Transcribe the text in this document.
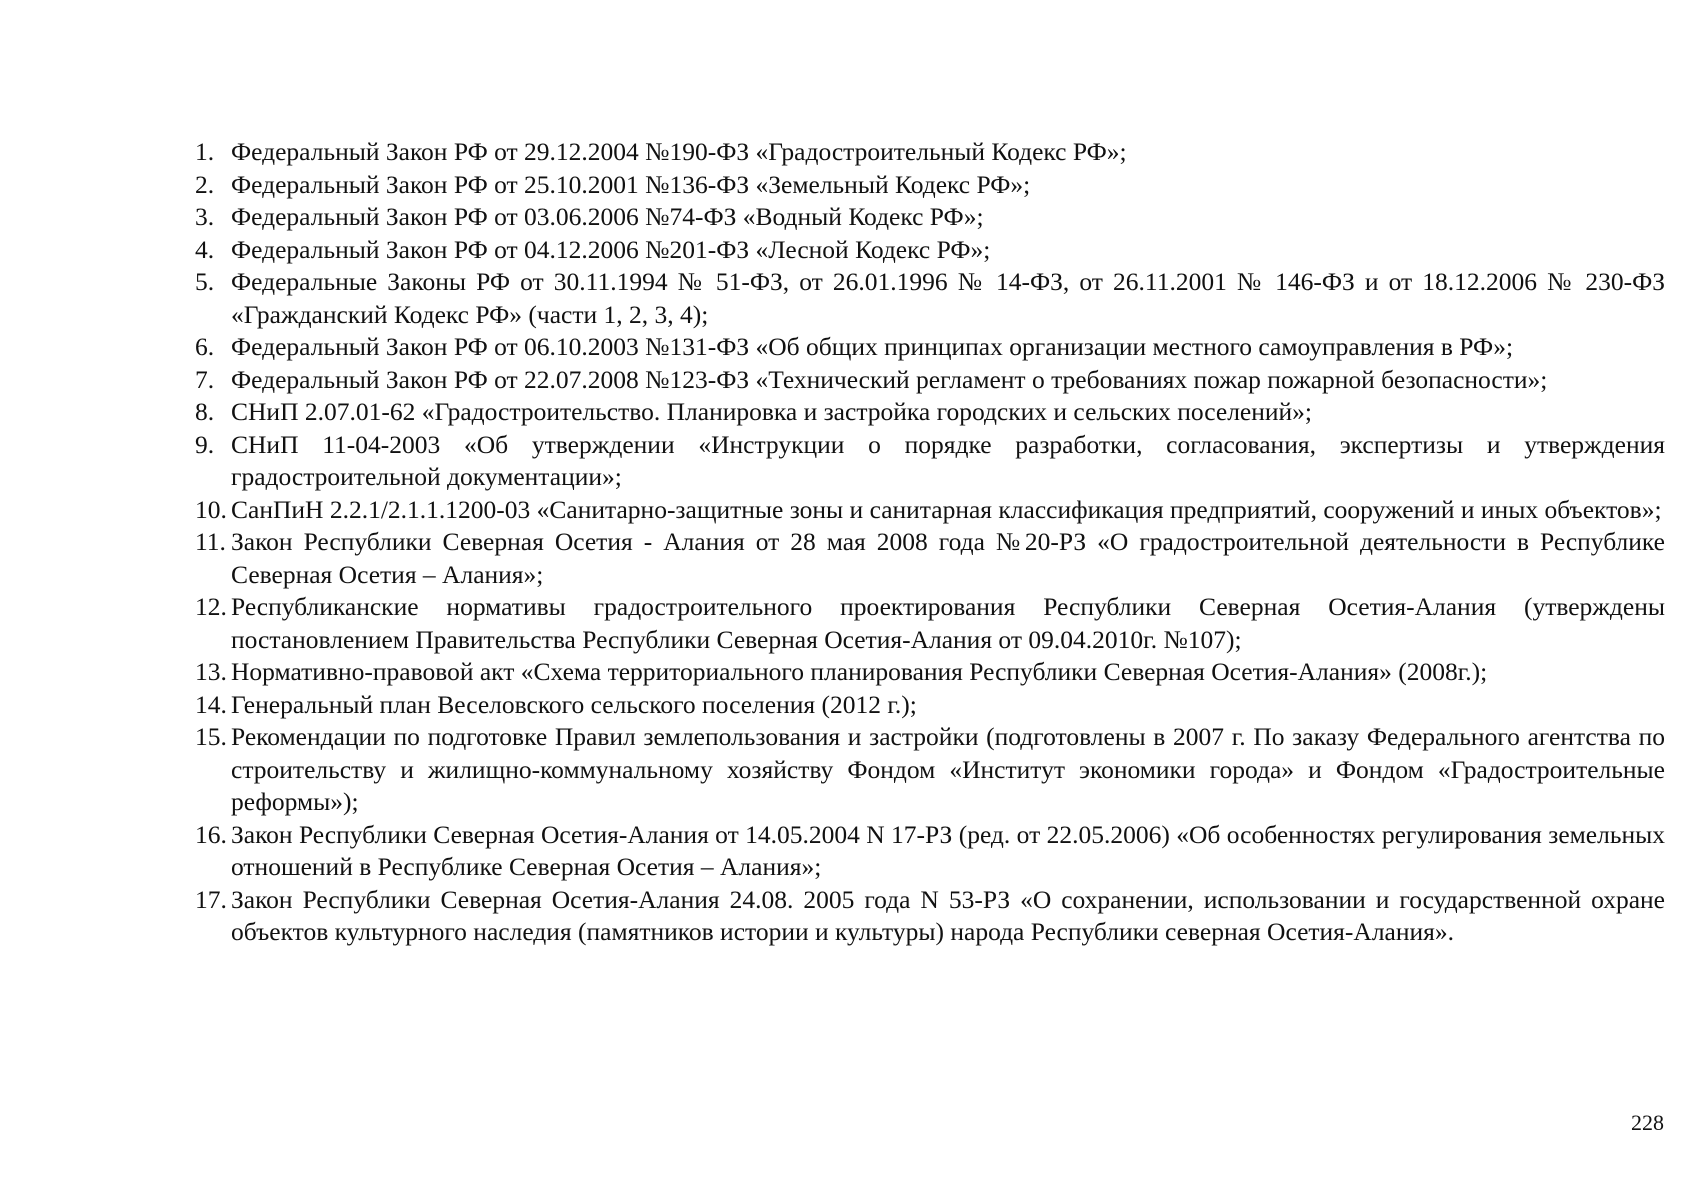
1. Федеральный Закон РФ от 29.12.2004 №190-ФЗ «Градостроительный Кодекс РФ»;
2. Федеральный Закон РФ от 25.10.2001 №136-ФЗ «Земельный Кодекс РФ»;
3. Федеральный Закон РФ от 03.06.2006 №74-ФЗ «Водный Кодекс РФ»;
4. Федеральный Закон РФ от 04.12.2006 №201-ФЗ «Лесной Кодекс РФ»;
5. Федеральные Законы РФ от 30.11.1994 № 51-ФЗ, от 26.01.1996 № 14-ФЗ, от 26.11.2001 № 146-ФЗ и от 18.12.2006 № 230-ФЗ «Гражданский Кодекс РФ» (части 1, 2, 3, 4);
6. Федеральный Закон РФ от 06.10.2003 №131-ФЗ «Об общих принципах организации местного самоуправления в РФ»;
7. Федеральный Закон РФ от 22.07.2008 №123-ФЗ «Технический регламент о требованиях пожар пожарной безопасности»;
8. СНиП 2.07.01-62 «Градостроительство. Планировка и застройка городских и сельских поселений»;
9. СНиП 11-04-2003 «Об утверждении «Инструкции о порядке разработки, согласования, экспертизы и утверждения градостроительной документации»;
10. СанПиН 2.2.1/2.1.1.1200-03 «Санитарно-защитные зоны и санитарная классификация предприятий, сооружений и иных объектов»;
11. Закон Республики Северная Осетия - Алания от 28 мая 2008 года №20-РЗ «О градостроительной деятельности в Республике Северная Осетия – Алания»;
12. Республиканские нормативы градостроительного проектирования Республики Северная Осетия-Алания (утверждены постановлением Правительства Республики Северная Осетия-Алания от 09.04.2010г. №107);
13. Нормативно-правовой акт «Схема территориального планирования Республики Северная Осетия-Алания» (2008г.);
14. Генеральный план Веселовского сельского поселения (2012 г.);
15. Рекомендации по подготовке Правил землепользования и застройки (подготовлены в 2007 г. По заказу Федерального агентства по строительству и жилищно-коммунальному хозяйству Фондом «Институт экономики города» и Фондом «Градостроительные реформы»);
16. Закон Республики Северная Осетия-Алания от 14.05.2004 N 17-РЗ (ред. от 22.05.2006) «Об особенностях регулирования земельных отношений в Республике Северная Осетия – Алания»;
17. Закон Республики Северная Осетия-Алания 24.08. 2005 года N 53-РЗ «О сохранении, использовании и государственной охране объектов культурного наследия (памятников истории и культуры) народа Республики северная Осетия-Алания».
228
